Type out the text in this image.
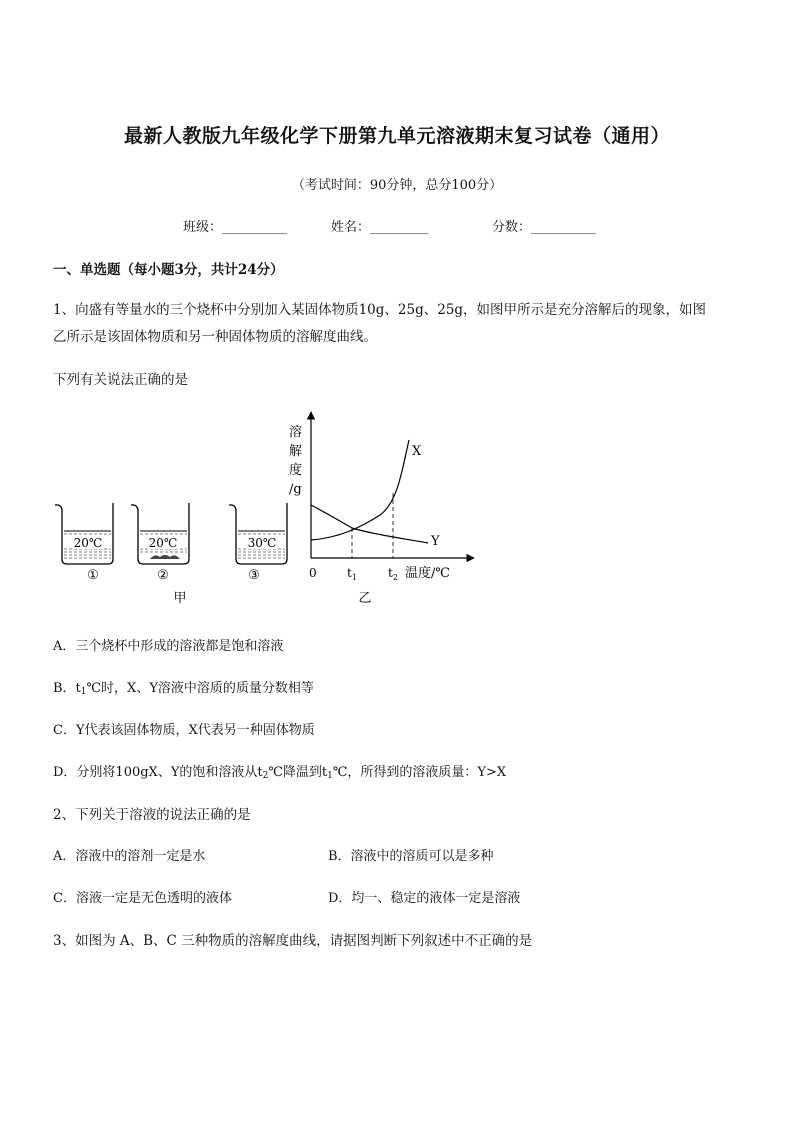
最新人教版九年级化学下册第九单元溶液期末复习试卷（通用）
（考试时间：90分钟，总分100分）
班级：__________	姓名：_________	分数：__________
一、单选题（每小题3分，共计24分）
1、向盛有等量水的三个烧杯中分别加入某固体物质10g、25g、25g，如图甲所示是充分溶解后的现象，如图
乙所示是该固体物质和另一种固体物质的溶解度曲线。
下列有关说法正确的是
20℃
①
20℃
②
30℃
③
甲
溶
解
度
/g
X
Y
0	$t_1$	$t_2$ 温度/℃
乙
A．三个烧杯中形成的溶液都是饱和溶液
B．$t_1℃$时，X、Y溶液中溶质的质量分数相等
C．Y代表该固体物质，X代表另一种固体物质
D．分别将100gX、Y的饱和溶液从$t_2℃$降温到$t_1℃$，所得到的溶液质量：Y>X
2、下列关于溶液的说法正确的是
A．溶液中的溶剂一定是水	B．溶液中的溶质可以是多种
C．溶液一定是无色透明的液体	D．均一、稳定的液体一定是溶液
3、如图为 A、B、C 三种物质的溶解度曲线，请据图判断下列叙述中不正确的是
